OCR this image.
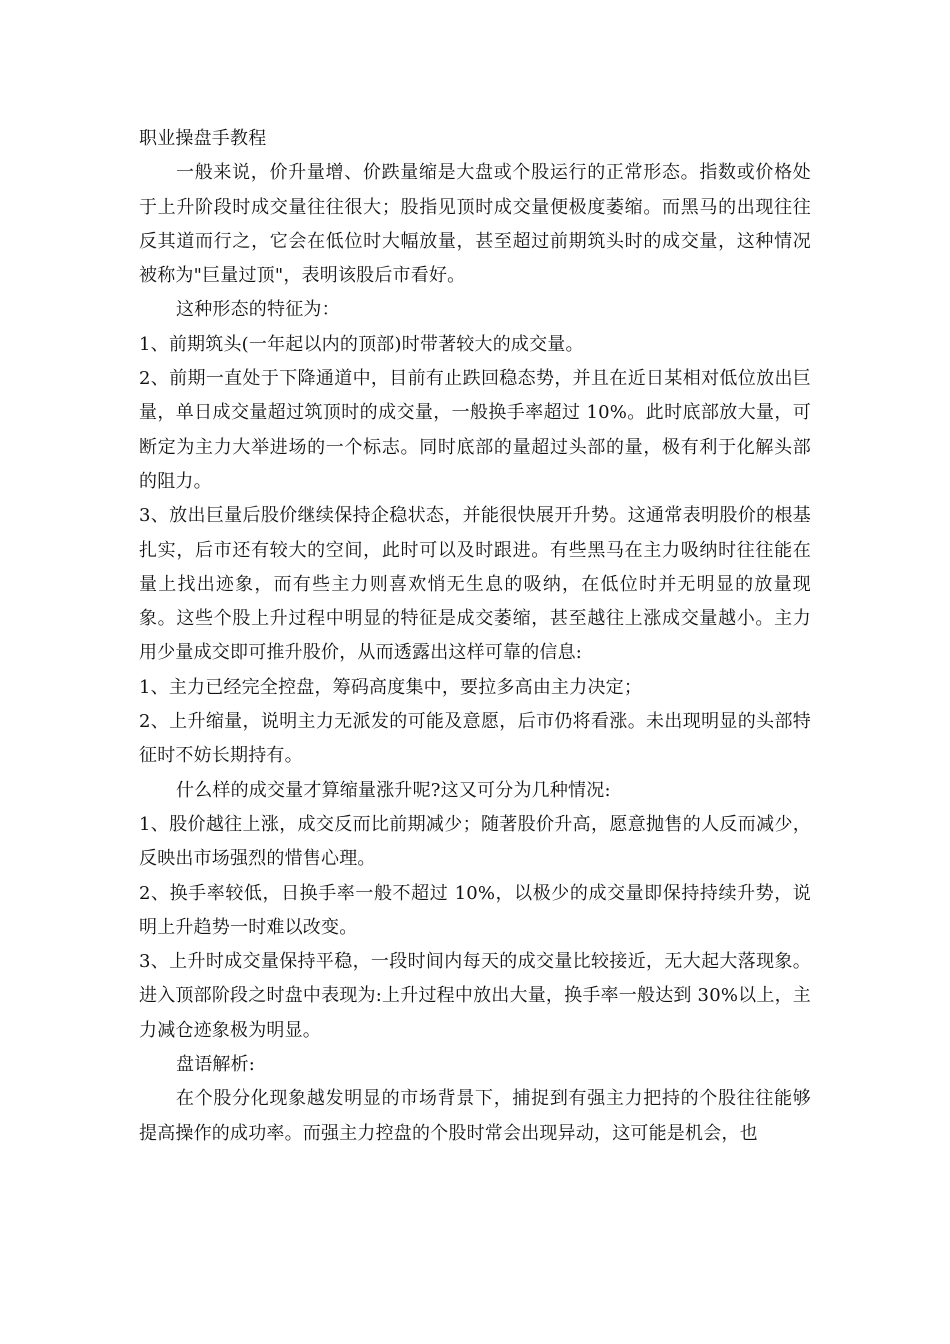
职业操盘手教程

一般来说，价升量增、价跌量缩是大盘或个股运行的正常形态。指数或价格处于上升阶段时成交量往往很大；股指见顶时成交量便极度萎缩。而黑马的出现往往反其道而行之，它会在低位时大幅放量，甚至超过前期筑头时的成交量，这种情况被称为"巨量过顶"，表明该股后市看好。

这种形态的特征为：

1、前期筑头(一年起以内的顶部)时带著较大的成交量。

2、前期一直处于下降通道中，目前有止跌回稳态势，并且在近日某相对低位放出巨量，单日成交量超过筑顶时的成交量，一般换手率超过 10%。此时底部放大量，可断定为主力大举进场的一个标志。同时底部的量超过头部的量，极有利于化解头部的阻力。

3、放出巨量后股价继续保持企稳状态，并能很快展开升势。这通常表明股价的根基扎实，后市还有较大的空间，此时可以及时跟进。有些黑马在主力吸纳时往往能在量上找出迹象，而有些主力则喜欢悄无生息的吸纳，在低位时并无明显的放量现象。这些个股上升过程中明显的特征是成交萎缩，甚至越往上涨成交量越小。主力用少量成交即可推升股价，从而透露出这样可靠的信息:

1、主力已经完全控盘，筹码高度集中，要拉多高由主力决定；

2、上升缩量，说明主力无派发的可能及意愿，后市仍将看涨。未出现明显的头部特征时不妨长期持有。

什么样的成交量才算缩量涨升呢?这又可分为几种情况:

1、股价越往上涨，成交反而比前期减少；随著股价升高，愿意抛售的人反而减少，反映出市场强烈的惜售心理。

2、换手率较低，日换手率一般不超过 10%，以极少的成交量即保持持续升势，说明上升趋势一时难以改变。

3、上升时成交量保持平稳，一段时间内每天的成交量比较接近，无大起大落现象。进入顶部阶段之时盘中表现为:上升过程中放出大量，换手率一般达到 30%以上，主力减仓迹象极为明显。

盘语解析:

在个股分化现象越发明显的市场背景下，捕捉到有强主力把持的个股往往能够提高操作的成功率。而强主力控盘的个股时常会出现异动，这可能是机会，也
